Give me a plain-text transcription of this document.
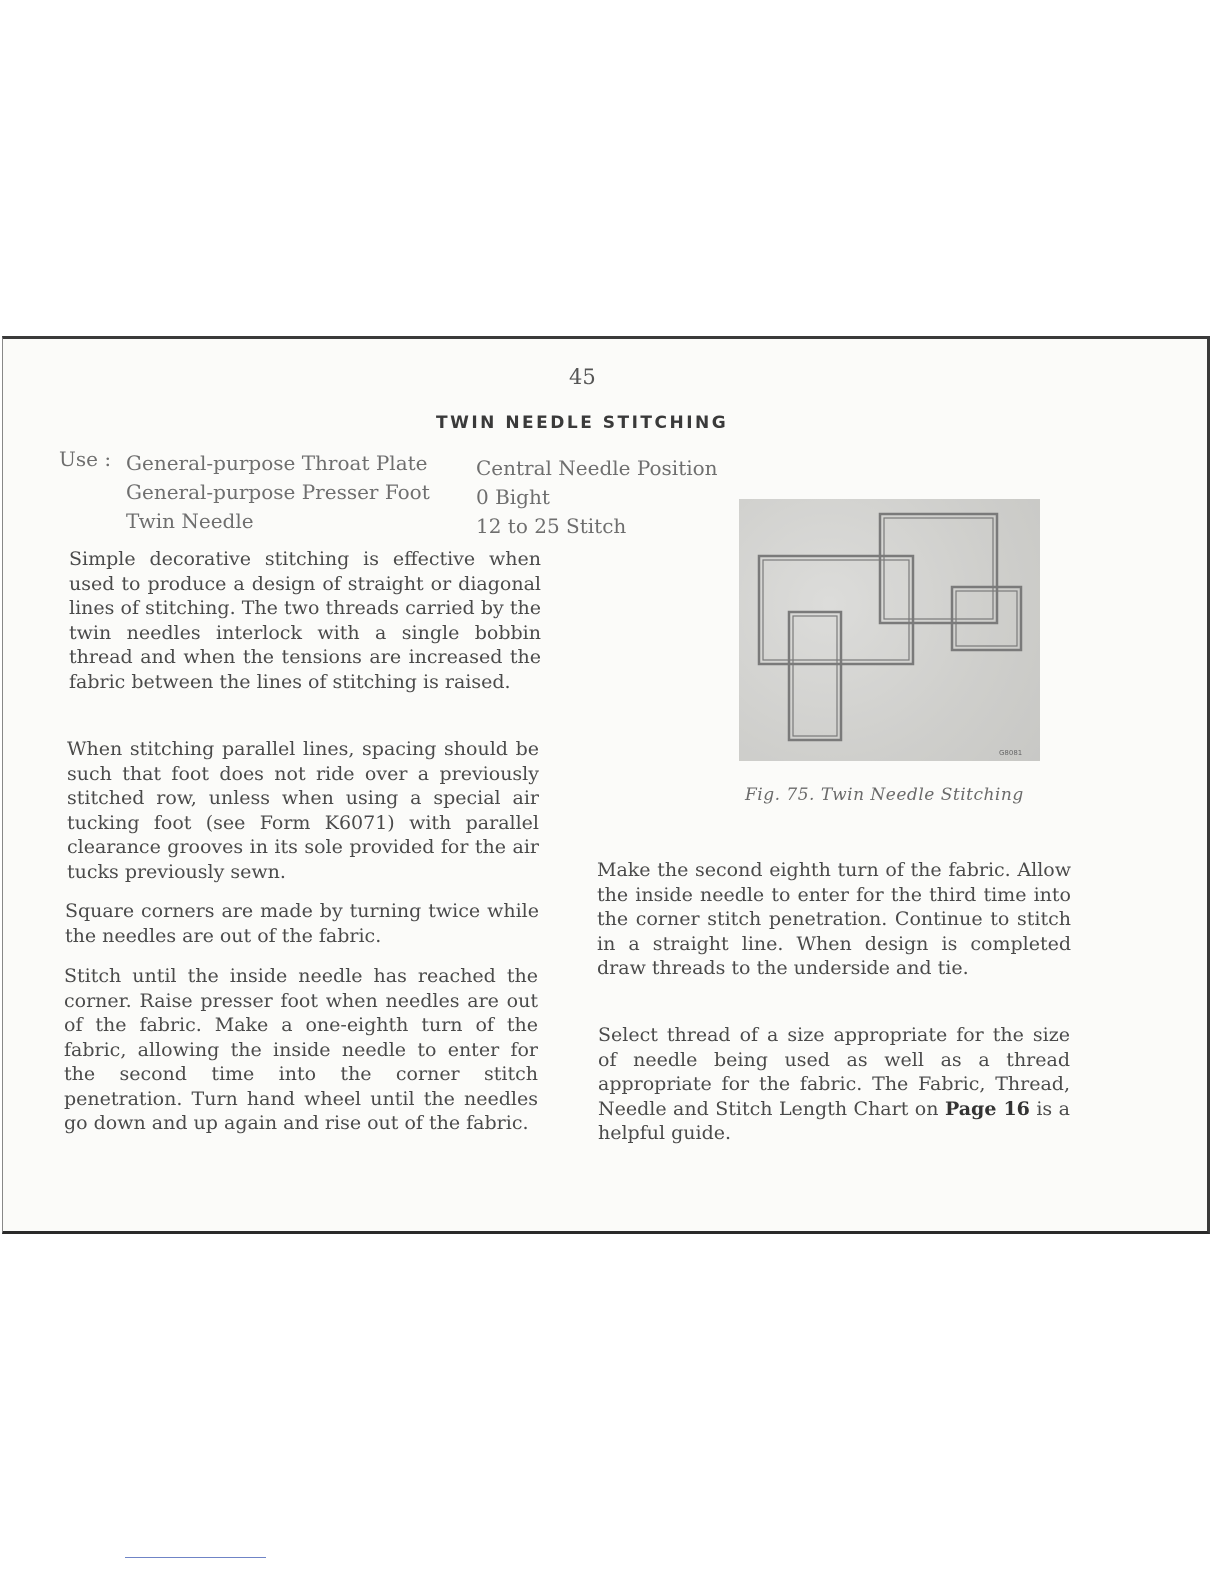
45
TWIN NEEDLE STITCHING
Use : General-purpose Throat Plate
General-purpose Presser Foot
Twin Needle
Central Needle Position
0 Bight
12 to 25 Stitch

Simple decorative stitching is effective when used to produce a design of straight or diagonal lines of stitching. The two threads carried by the twin needles interlock with a single bobbin thread and when the tensions are increased the fabric between the lines of stitching is raised.

When stitching parallel lines, spacing should be such that foot does not ride over a previously stitched row, unless when using a special air tucking foot (see Form K6071) with parallel clearance grooves in its sole provided for the air tucks previously sewn.

Square corners are made by turning twice while the needles are out of the fabric.

Stitch until the inside needle has reached the corner. Raise presser foot when needles are out of the fabric. Make a one-eighth turn of the fabric, allowing the inside needle to enter for the second time into the corner stitch penetration. Turn hand wheel until the needles go down and up again and rise out of the fabric.

G8081
Fig. 75. Twin Needle Stitching

Make the second eighth turn of the fabric. Allow the inside needle to enter for the third time into the corner stitch penetration. Continue to stitch in a straight line. When design is completed draw threads to the underside and tie.

Select thread of a size appropriate for the size of needle being used as well as a thread appropriate for the fabric. The Fabric, Thread, Needle and Stitch Length Chart on Page 16 is a helpful guide.
